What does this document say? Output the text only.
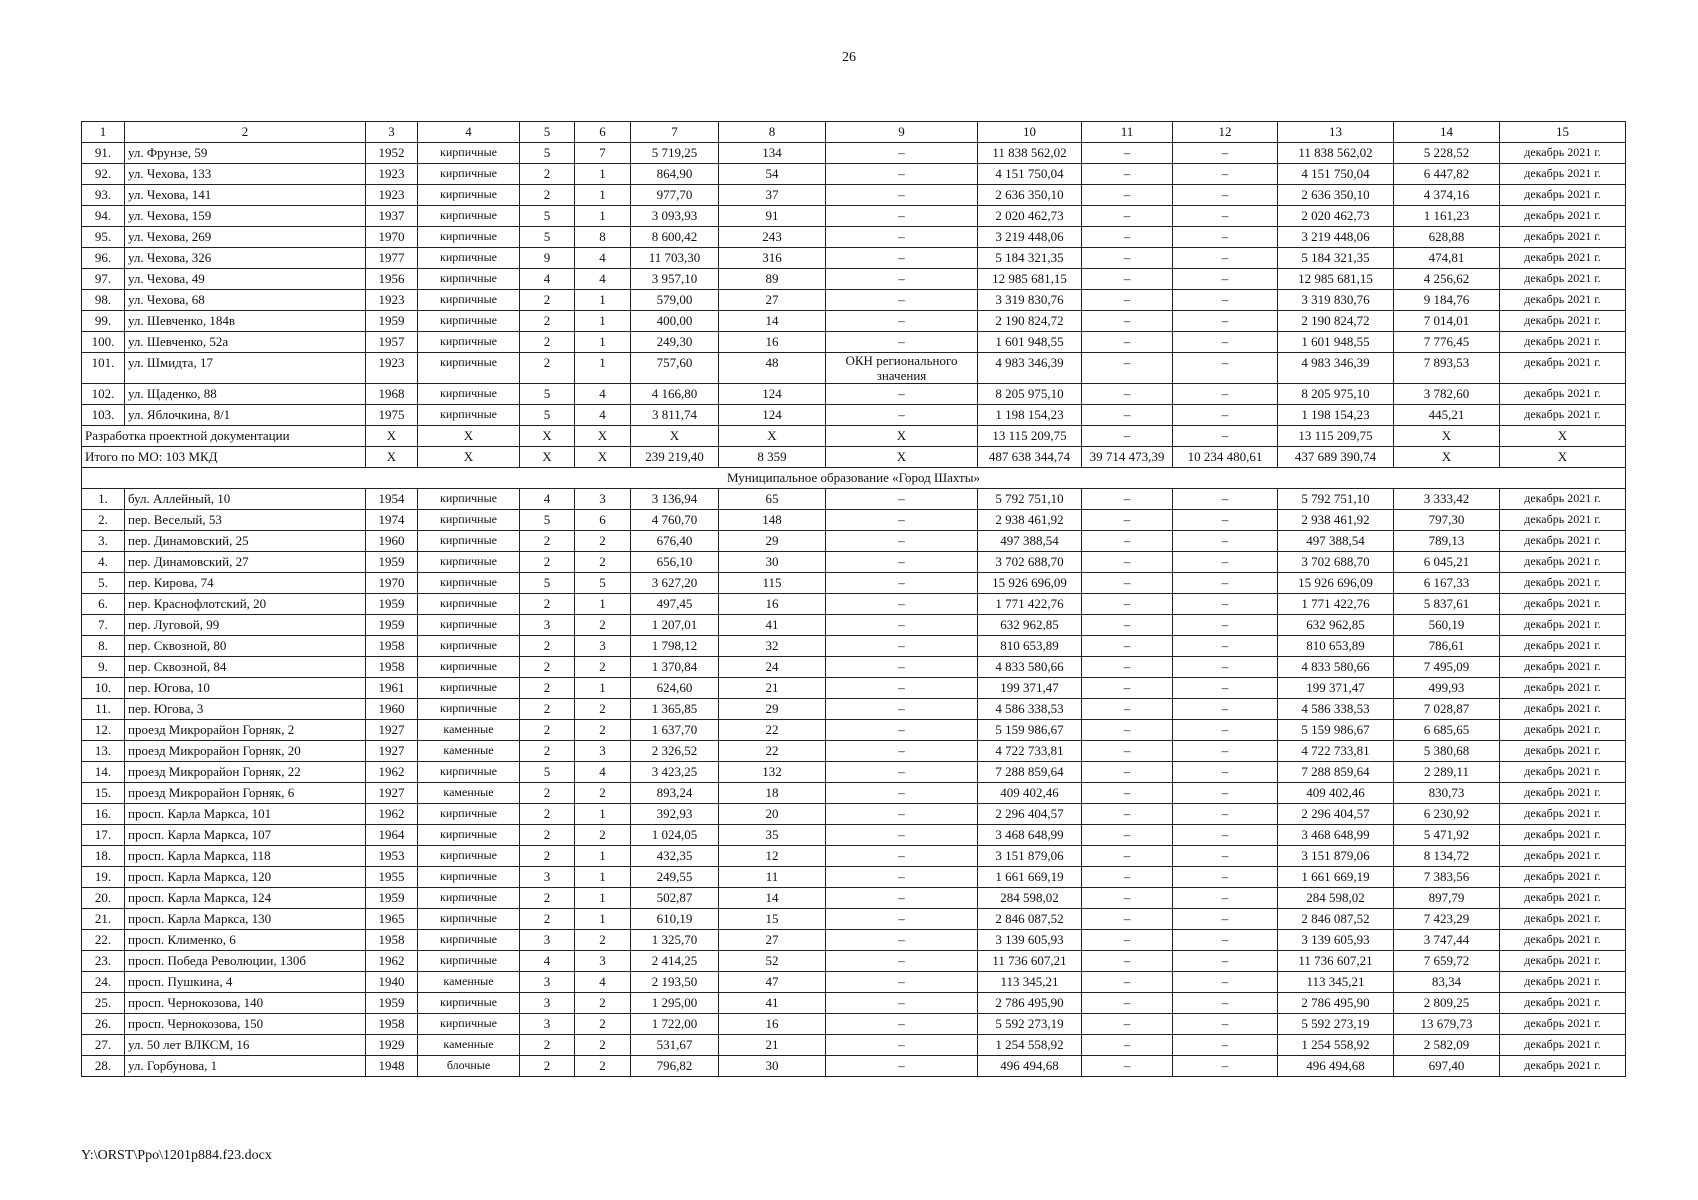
26
1	2	3	4	5	6	7	8	9	10	11	12	13	14	15
91.	ул. Фрунзе, 59	1952	кирпичные	5	7	5 719,25	134	–	11 838 562,02	–	–	11 838 562,02	5 228,52	декабрь 2021 г.
92.	ул. Чехова, 133	1923	кирпичные	2	1	864,90	54	–	4 151 750,04	–	–	4 151 750,04	6 447,82	декабрь 2021 г.
93.	ул. Чехова, 141	1923	кирпичные	2	1	977,70	37	–	2 636 350,10	–	–	2 636 350,10	4 374,16	декабрь 2021 г.
94.	ул. Чехова, 159	1937	кирпичные	5	1	3 093,93	91	–	2 020 462,73	–	–	2 020 462,73	1 161,23	декабрь 2021 г.
95.	ул. Чехова, 269	1970	кирпичные	5	8	8 600,42	243	–	3 219 448,06	–	–	3 219 448,06	628,88	декабрь 2021 г.
96.	ул. Чехова, 326	1977	кирпичные	9	4	11 703,30	316	–	5 184 321,35	–	–	5 184 321,35	474,81	декабрь 2021 г.
97.	ул. Чехова, 49	1956	кирпичные	4	4	3 957,10	89	–	12 985 681,15	–	–	12 985 681,15	4 256,62	декабрь 2021 г.
98.	ул. Чехова, 68	1923	кирпичные	2	1	579,00	27	–	3 319 830,76	–	–	3 319 830,76	9 184,76	декабрь 2021 г.
99.	ул. Шевченко, 184в	1959	кирпичные	2	1	400,00	14	–	2 190 824,72	–	–	2 190 824,72	7 014,01	декабрь 2021 г.
100.	ул. Шевченко, 52а	1957	кирпичные	2	1	249,30	16	–	1 601 948,55	–	–	1 601 948,55	7 776,45	декабрь 2021 г.
101.	ул. Шмидта, 17	1923	кирпичные	2	1	757,60	48	ОКН регионального значения	4 983 346,39	–	–	4 983 346,39	7 893,53	декабрь 2021 г.
102.	ул. Щаденко, 88	1968	кирпичные	5	4	4 166,80	124	–	8 205 975,10	–	–	8 205 975,10	3 782,60	декабрь 2021 г.
103.	ул. Яблочкина, 8/1	1975	кирпичные	5	4	3 811,74	124	–	1 198 154,23	–	–	1 198 154,23	445,21	декабрь 2021 г.
Разработка проектной документации		X	X	X	X	X	X	X	13 115 209,75	–	–	13 115 209,75	X	X
Итого по МО: 103 МКД		X	X	X	X	239 219,40	8 359	X	487 638 344,74	39 714 473,39	10 234 480,61	437 689 390,74	X	X
Муниципальное образование «Город Шахты»														
1.	бул. Аллейный, 10	1954	кирпичные	4	3	3 136,94	65	–	5 792 751,10	–	–	5 792 751,10	3 333,42	декабрь 2021 г.
2.	пер. Веселый, 53	1974	кирпичные	5	6	4 760,70	148	–	2 938 461,92	–	–	2 938 461,92	797,30	декабрь 2021 г.
3.	пер. Динамовский, 25	1960	кирпичные	2	2	676,40	29	–	497 388,54	–	–	497 388,54	789,13	декабрь 2021 г.
4.	пер. Динамовский, 27	1959	кирпичные	2	2	656,10	30	–	3 702 688,70	–	–	3 702 688,70	6 045,21	декабрь 2021 г.
5.	пер. Кирова, 74	1970	кирпичные	5	5	3 627,20	115	–	15 926 696,09	–	–	15 926 696,09	6 167,33	декабрь 2021 г.
6.	пер. Краснофлотский, 20	1959	кирпичные	2	1	497,45	16	–	1 771 422,76	–	–	1 771 422,76	5 837,61	декабрь 2021 г.
7.	пер. Луговой, 99	1959	кирпичные	3	2	1 207,01	41	–	632 962,85	–	–	632 962,85	560,19	декабрь 2021 г.
8.	пер. Сквозной, 80	1958	кирпичные	2	3	1 798,12	32	–	810 653,89	–	–	810 653,89	786,61	декабрь 2021 г.
9.	пер. Сквозной, 84	1958	кирпичные	2	2	1 370,84	24	–	4 833 580,66	–	–	4 833 580,66	7 495,09	декабрь 2021 г.
10.	пер. Югова, 10	1961	кирпичные	2	1	624,60	21	–	199 371,47	–	–	199 371,47	499,93	декабрь 2021 г.
11.	пер. Югова, 3	1960	кирпичные	2	2	1 365,85	29	–	4 586 338,53	–	–	4 586 338,53	7 028,87	декабрь 2021 г.
12.	проезд Микрорайон Горняк, 2	1927	каменные	2	2	1 637,70	22	–	5 159 986,67	–	–	5 159 986,67	6 685,65	декабрь 2021 г.
13.	проезд Микрорайон Горняк, 20	1927	каменные	2	3	2 326,52	22	–	4 722 733,81	–	–	4 722 733,81	5 380,68	декабрь 2021 г.
14.	проезд Микрорайон Горняк, 22	1962	кирпичные	5	4	3 423,25	132	–	7 288 859,64	–	–	7 288 859,64	2 289,11	декабрь 2021 г.
15.	проезд Микрорайон Горняк, 6	1927	каменные	2	2	893,24	18	–	409 402,46	–	–	409 402,46	830,73	декабрь 2021 г.
16.	просп. Карла Маркса, 101	1962	кирпичные	2	1	392,93	20	–	2 296 404,57	–	–	2 296 404,57	6 230,92	декабрь 2021 г.
17.	просп. Карла Маркса, 107	1964	кирпичные	2	2	1 024,05	35	–	3 468 648,99	–	–	3 468 648,99	5 471,92	декабрь 2021 г.
18.	просп. Карла Маркса, 118	1953	кирпичные	2	1	432,35	12	–	3 151 879,06	–	–	3 151 879,06	8 134,72	декабрь 2021 г.
19.	просп. Карла Маркса, 120	1955	кирпичные	3	1	249,55	11	–	1 661 669,19	–	–	1 661 669,19	7 383,56	декабрь 2021 г.
20.	просп. Карла Маркса, 124	1959	кирпичные	2	1	502,87	14	–	284 598,02	–	–	284 598,02	897,79	декабрь 2021 г.
21.	просп. Карла Маркса, 130	1965	кирпичные	2	1	610,19	15	–	2 846 087,52	–	–	2 846 087,52	7 423,29	декабрь 2021 г.
22.	просп. Клименко, 6	1958	кирпичные	3	2	1 325,70	27	–	3 139 605,93	–	–	3 139 605,93	3 747,44	декабрь 2021 г.
23.	просп. Победа Революции, 130б	1962	кирпичные	4	3	2 414,25	52	–	11 736 607,21	–	–	11 736 607,21	7 659,72	декабрь 2021 г.
24.	просп. Пушкина, 4	1940	каменные	3	4	2 193,50	47	–	113 345,21	–	–	113 345,21	83,34	декабрь 2021 г.
25.	просп. Чернокозова, 140	1959	кирпичные	3	2	1 295,00	41	–	2 786 495,90	–	–	2 786 495,90	2 809,25	декабрь 2021 г.
26.	просп. Чернокозова, 150	1958	кирпичные	3	2	1 722,00	16	–	5 592 273,19	–	–	5 592 273,19	13 679,73	декабрь 2021 г.
27.	ул. 50 лет ВЛКСМ, 16	1929	каменные	2	2	531,67	21	–	1 254 558,92	–	–	1 254 558,92	2 582,09	декабрь 2021 г.
28.	ул. Горбунова, 1	1948	блочные	2	2	796,82	30	–	496 494,68	–	–	496 494,68	697,40	декабрь 2021 г.
Y:\ORST\Ppo\1201p884.f23.docx
